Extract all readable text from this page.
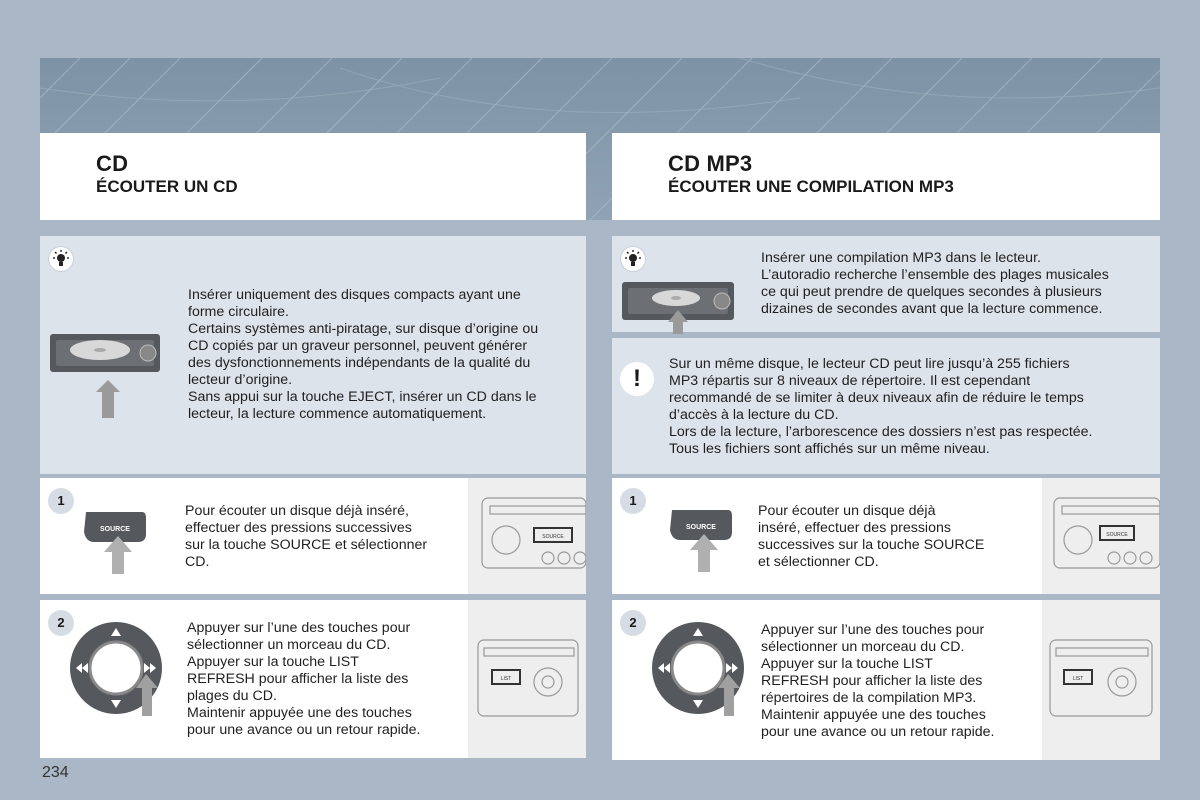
CD
ÉCOUTER UN CD
CD MP3
ÉCOUTER UNE COMPILATION MP3

Insérer uniquement des disques compacts ayant une

forme circulaire.

Certains systèmes anti-piratage, sur disque d’origine ou

CD copiés par un graveur personnel, peuvent générer

des dysfonctionnements indépendants de la qualité du

lecteur d’origine.

Sans appui sur la touche EJECT, insérer un CD dans le

lecteur, la lecture commence automatiquement.

1
SOURCE

Pour écouter un disque déjà inséré,

effectuer des pressions successives

sur la touche SOURCE et sélectionner

CD.

SOURCE
2	Appuyer sur l’une des touches pour

sélectionner un morceau du CD.

Appuyer sur la touche LIST

REFRESH pour afficher la liste des

plages du CD.

Maintenir appuyée une des touches

pour une avance ou un retour rapide.

LIST

Insérer une compilation MP3 dans le lecteur.

L’autoradio recherche l’ensemble des plages musicales

ce qui peut prendre de quelques secondes à plusieurs

dizaines de secondes avant que la lecture commence.

!

Sur un même disque, le lecteur CD peut lire jusqu’à 255 fichiers

MP3 répartis sur 8 niveaux de répertoire. Il est cependant

recommandé de se limiter à deux niveaux afin de réduire le temps

d’accès à la lecture du CD.

Lors de la lecture, l’arborescence des dossiers n’est pas respectée.

Tous les fichiers sont affichés sur un même niveau.

1
SOURCE

Pour écouter un disque déjà

inséré, effectuer des pressions

successives sur la touche SOURCE

et sélectionner CD.

SOURCE
2	Appuyer sur l’une des touches pour

sélectionner un morceau du CD.

Appuyer sur la touche LIST

REFRESH pour afficher la liste des

répertoires de la compilation MP3.

Maintenir appuyée une des touches

pour une avance ou un retour rapide.

LIST
234
